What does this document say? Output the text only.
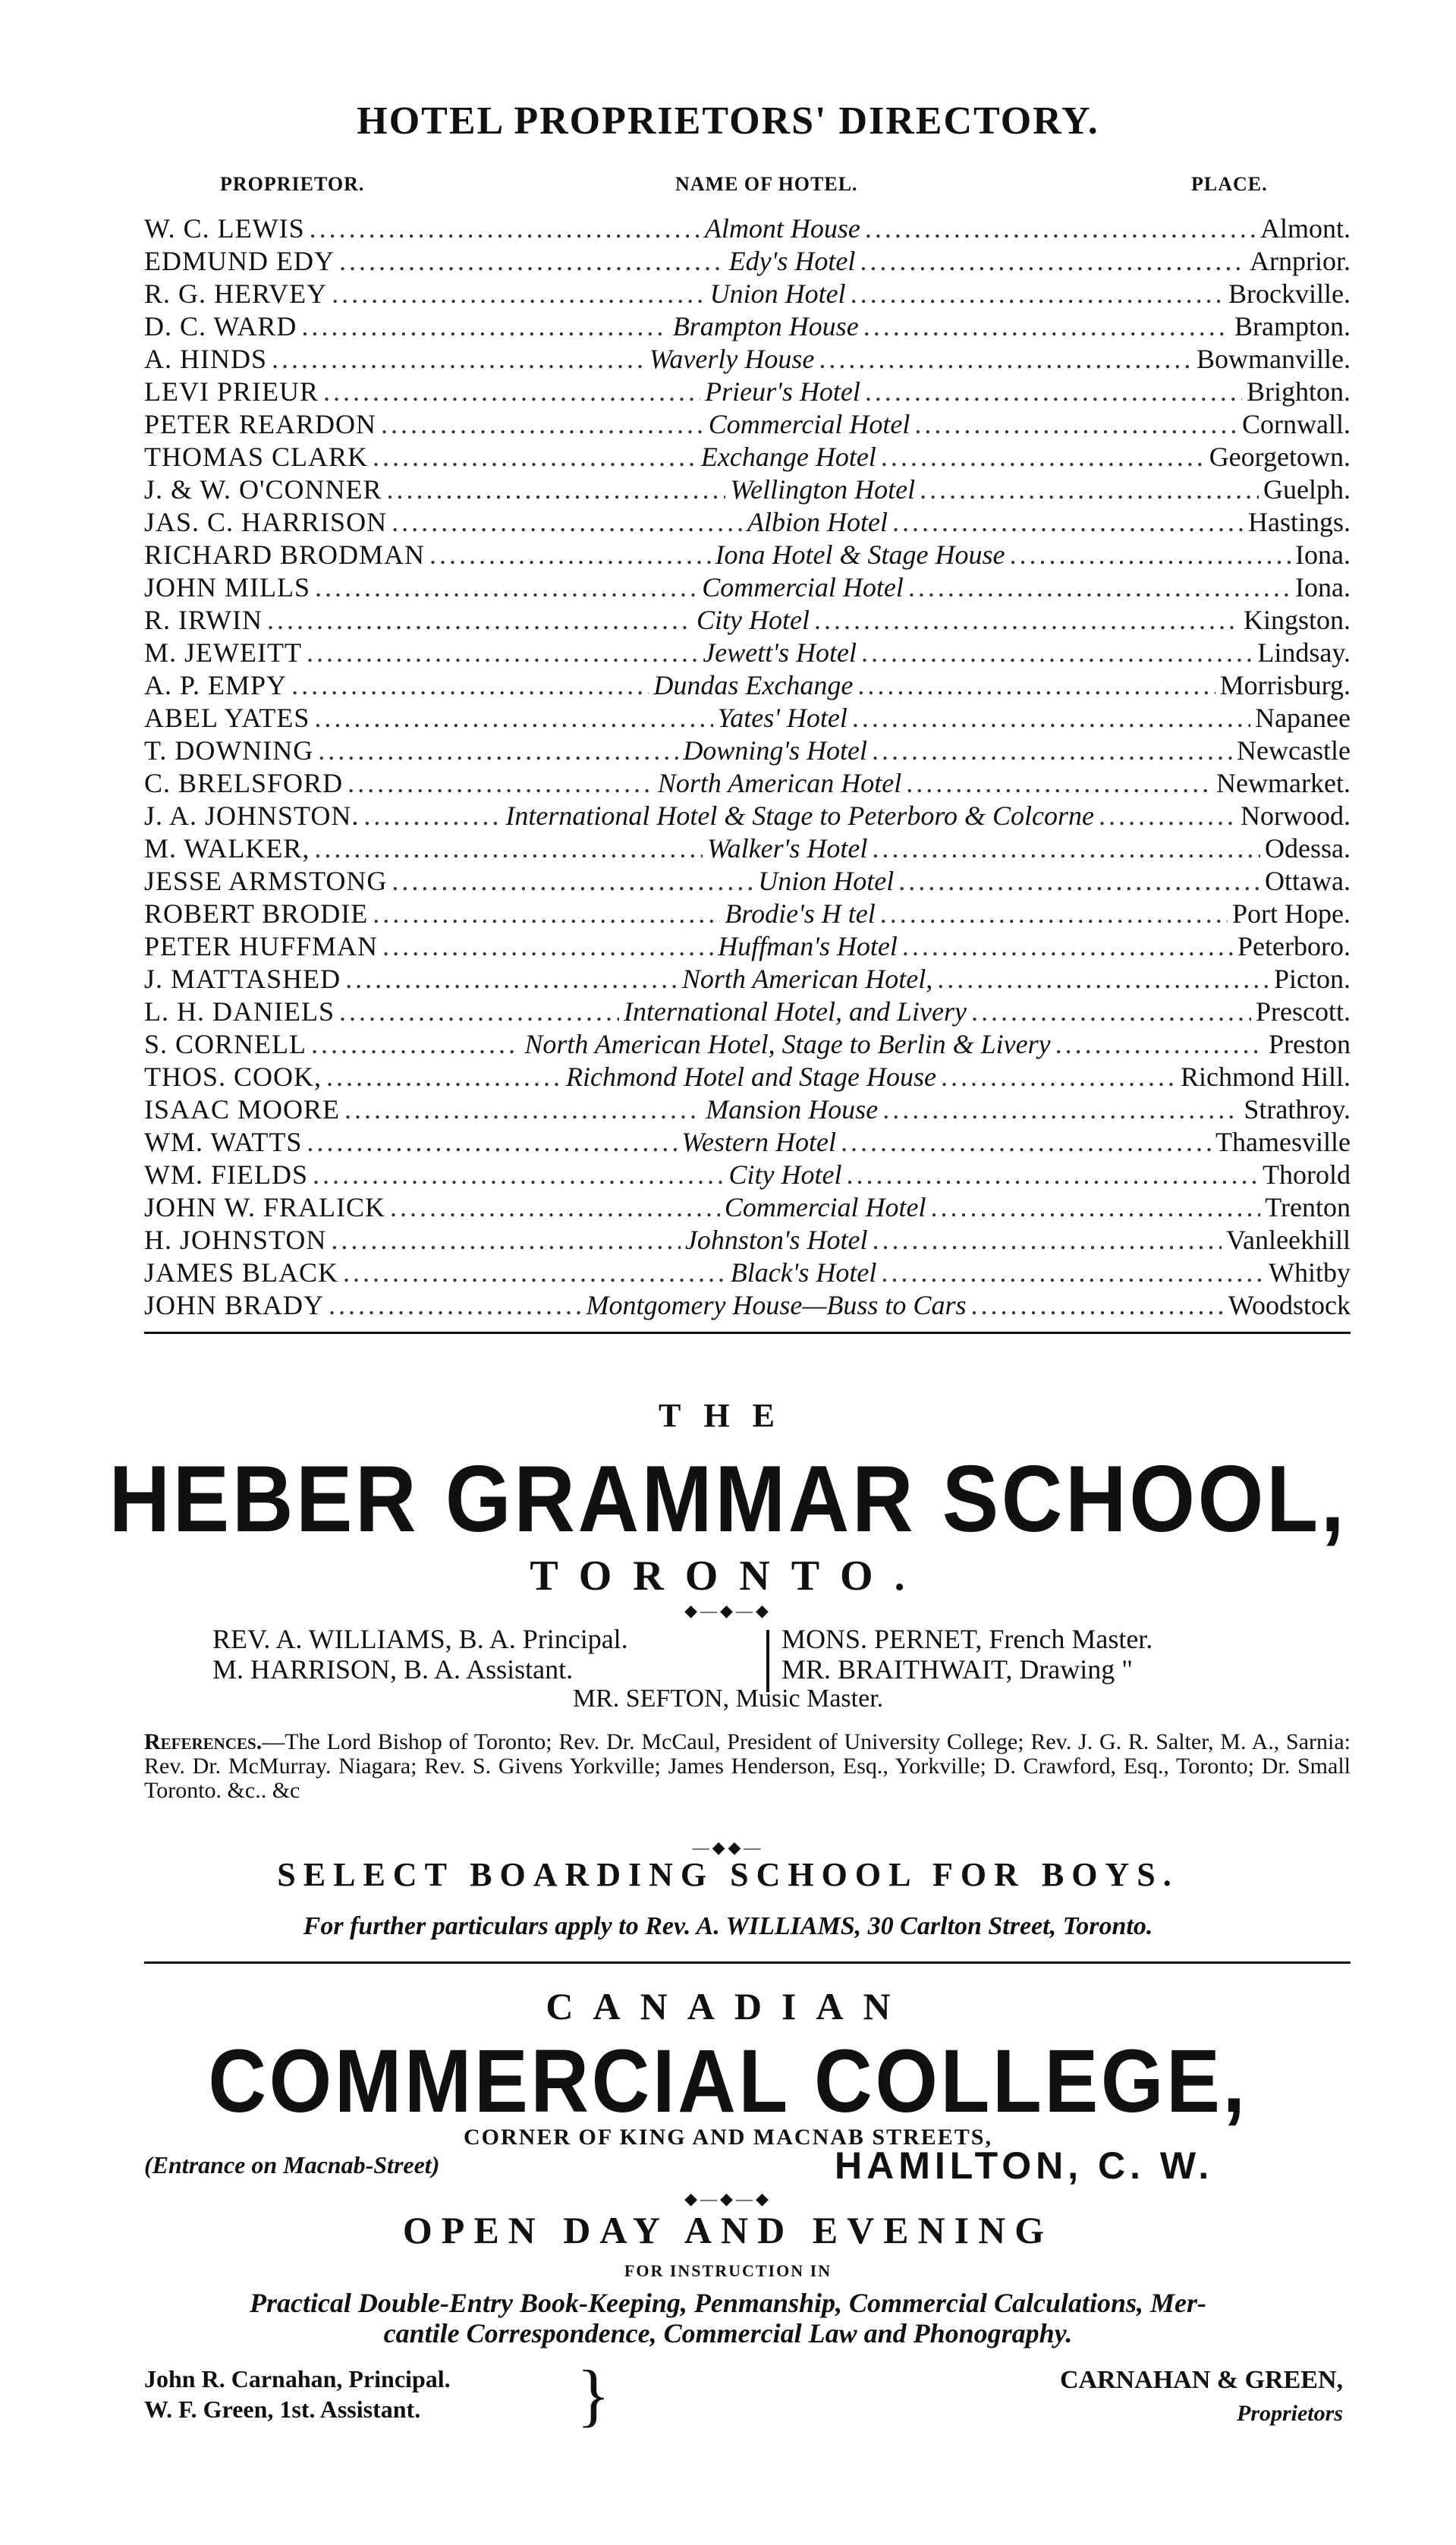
HOTEL PROPRIETORS' DIRECTORY.
PROPRIETOR.	NAME OF HOTEL.	PLACE.
W. C. LEWIS .....	Almont House .....	Almont.
EDMUND EDY .....	Edy's Hotel .....	Arnprior.
R. G. HERVEY .....	Union Hotel .....	Brockville.
D. C. WARD .....	Brampton House .....	Brampton.
A. HINDS .....	Waverly House .....	Bowmanville.
LEVI PRIEUR .....	Prieur's Hotel .....	Brighton.
PETER REARDON .....	Commercial Hotel .....	Cornwall.
THOMAS CLARK .....	Exchange Hotel .....	Georgetown.
J. & W. O'CONNER .....	Wellington Hotel .....	Guelph.
JAS. C. HARRISON .....	Albion Hotel .....	Hastings.
RICHARD BRODMAN .....	Iona Hotel & Stage House .....	Iona.
JOHN MILLS .....	Commercial Hotel .....	Iona.
R. IRWIN .....	City Hotel .....	Kingston.
M. JEWEITT .....	Jewett's Hotel .....	Lindsay.
A. P. EMPY .....	Dundas Exchange .....	Morrisburg.
ABEL YATES .....	Yates' Hotel .....	Napanee
T. DOWNING .....	Downing's Hotel .....	Newcastle
C. BRELSFORD .....	North American Hotel .....	Newmarket.
J. A. JOHNSTON. .....	International Hotel & Stage to Peterboro & Colcorne .....	Norwood.
M. WALKER, .....	Walker's Hotel .....	Odessa.
JESSE ARMSTONG .....	Union Hotel .....	Ottawa.
ROBERT BRODIE .....	Brodie's H tel .....	Port Hope.
PETER HUFFMAN .....	Huffman's Hotel .....	Peterboro.
J. MATTASHED .....	North American Hotel, .....	Picton.
L. H. DANIELS .....	International Hotel, and Livery .....	Prescott.
S. CORNELL .....	North American Hotel, Stage to Berlin & Livery .....	Preston
THOS. COOK, .....	Richmond Hotel and Stage House .....	Richmond Hill.
ISAAC MOORE .....	Mansion House .....	Strathroy.
WM. WATTS .....	Western Hotel .....	Thamesville
WM. FIELDS .....	City Hotel .....	Thorold
JOHN W. FRALICK .....	Commercial Hotel .....	Trenton
H. JOHNSTON .....	Johnston's Hotel .....	Vanleekhill
JAMES BLACK .....	Black's Hotel .....	Whitby
JOHN BRADY .....	Montgomery House—Buss to Cars .....	Woodstock
THE
HEBER GRAMMAR SCHOOL,
TORONTO.
◆—◆—◆
REV. A. WILLIAMS, B. A. Principal.
M. HARRISON, B. A. Assistant.
MONS. PERNET, French Master.
MR. BRAITHWAIT, Drawing "
MR. SEFTON, Music Master.
References.—The Lord Bishop of Toronto; Rev. Dr. McCaul, President of University College; Rev. J. G. R. Salter, M. A., Sarnia: Rev. Dr. McMurray. Niagara; Rev. S. Givens Yorkville; James Henderson, Esq., Yorkville; D. Crawford, Esq., Toronto; Dr. Small Toronto. &c.. &c
—◆◆—
SELECT BOARDING SCHOOL FOR BOYS.
For further particulars apply to Rev. A. WILLIAMS, 30 Carlton Street, Toronto.
CANADIAN
COMMERCIAL COLLEGE,
CORNER OF KING AND MACNAB STREETS,
(Entrance on Macnab-Street)	HAMILTON, C. W.
◆—◆—◆
OPEN DAY AND EVENING
FOR INSTRUCTION IN
Practical Double-Entry Book-Keeping, Penmanship, Commercial Calculations, Mer-
cantile Correspondence, Commercial Law and Phonography.
John R. Carnahan, Principal.
W. F. Green, 1st. Assistant.	}	CARNAHAN & GREEN,
Proprietors
